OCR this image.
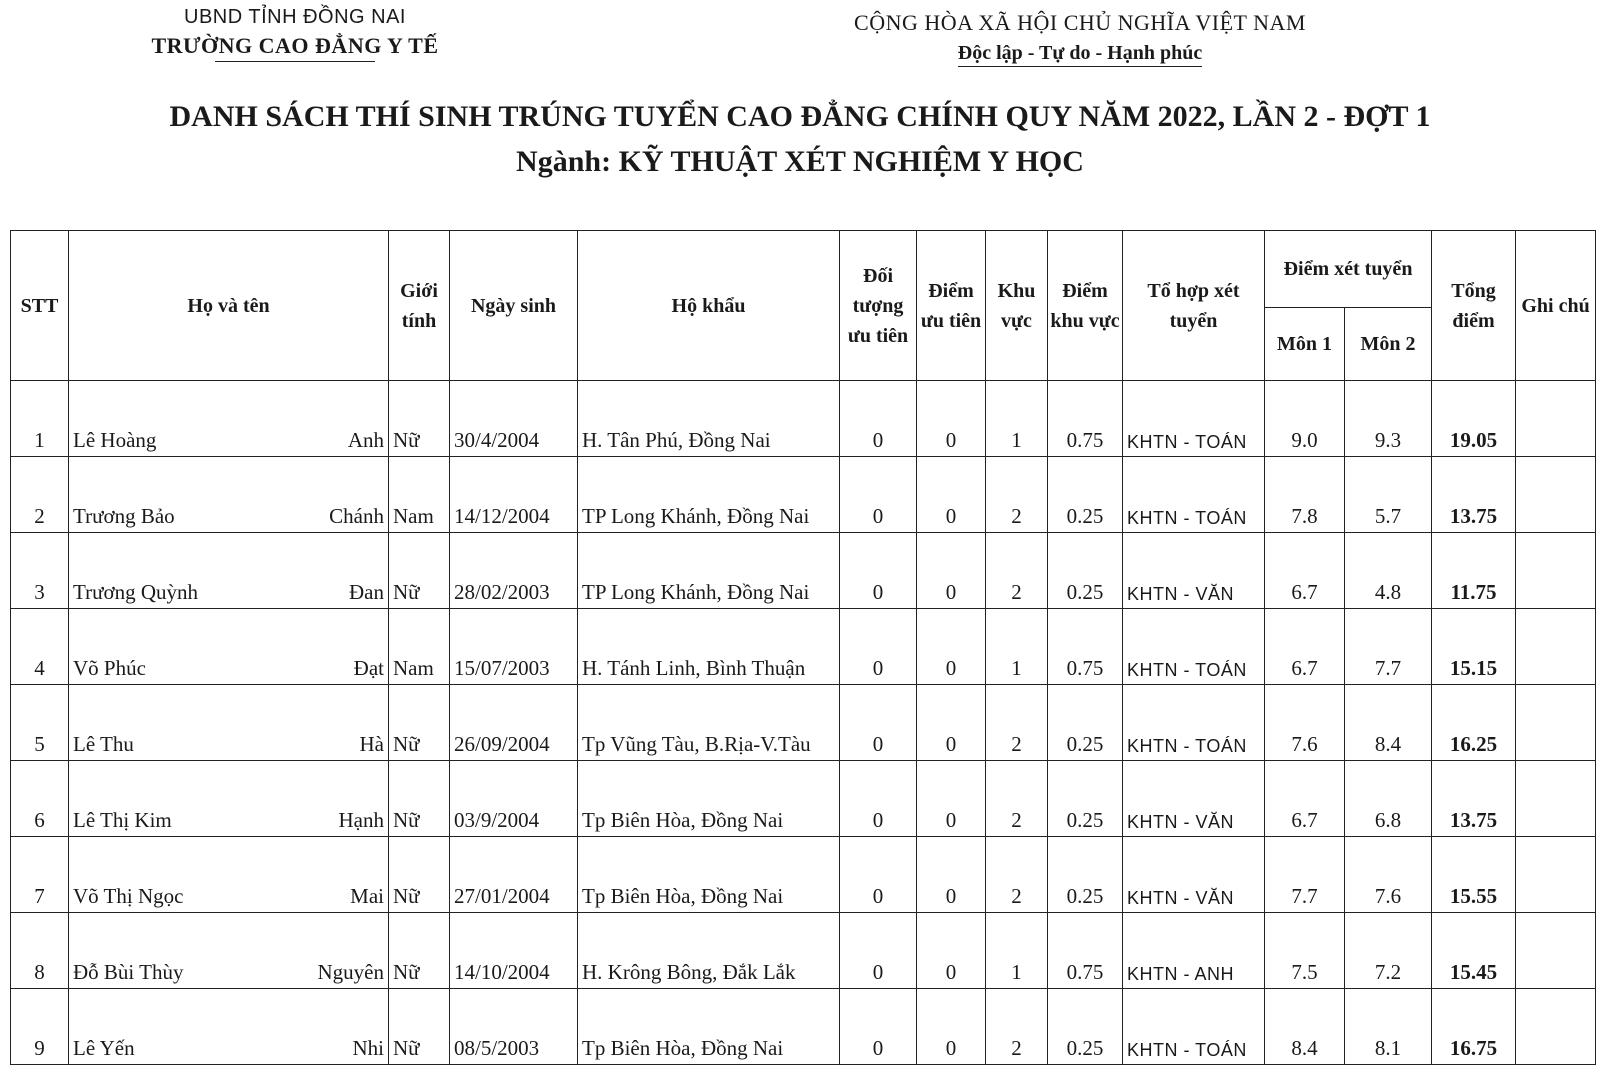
UBND TỈNH ĐỒNG NAI
TRƯỜNG CAO ĐẲNG Y TẾ
CỘNG HÒA XÃ HỘI CHỦ NGHĨA VIỆT NAM
Độc lập - Tự do - Hạnh phúc
DANH SÁCH THÍ SINH TRÚNG TUYỂN CAO ĐẲNG CHÍNH QUY NĂM 2022, LẦN 2 - ĐỢT 1
Ngành: KỸ THUẬT XÉT NGHIỆM Y HỌC
STT	Họ và tên	Giới tính	Ngày sinh	Hộ khẩu	Đối tượng ưu tiên	Điểm ưu tiên	Khu vực	Điểm khu vực	Tổ hợp xét tuyển	Điểm xét tuyển		Tổng điểm	Ghi chú
										Môn 1	Môn 2		
1	Lê Hoàng Anh	Nữ	30/4/2004	H. Tân Phú, Đồng Nai	0	0	1	0.75	KHTN - TOÁN	9.0	9.3	19.05	
2	Trương Bảo Chánh	Nam	14/12/2004	TP Long Khánh, Đồng Nai	0	0	2	0.25	KHTN - TOÁN	7.8	5.7	13.75	
3	Trương Quỳnh Đan	Nữ	28/02/2003	TP Long Khánh, Đồng Nai	0	0	2	0.25	KHTN - VĂN	6.7	4.8	11.75	
4	Võ Phúc Đạt	Nam	15/07/2003	H. Tánh Linh, Bình Thuận	0	0	1	0.75	KHTN - TOÁN	6.7	7.7	15.15	
5	Lê Thu Hà	Nữ	26/09/2004	Tp Vũng Tàu, B.Rịa-V.Tàu	0	0	2	0.25	KHTN - TOÁN	7.6	8.4	16.25	
6	Lê Thị Kim Hạnh	Nữ	03/9/2004	Tp Biên Hòa, Đồng Nai	0	0	2	0.25	KHTN - VĂN	6.7	6.8	13.75	
7	Võ Thị Ngọc Mai	Nữ	27/01/2004	Tp Biên Hòa, Đồng Nai	0	0	2	0.25	KHTN - VĂN	7.7	7.6	15.55	
8	Đỗ Bùi Thùy Nguyên	Nữ	14/10/2004	H. Krông Bông, Đắk Lắk	0	0	1	0.75	KHTN - ANH	7.5	7.2	15.45	
9	Lê Yến Nhi	Nữ	08/5/2003	Tp Biên Hòa, Đồng Nai	0	0	2	0.25	KHTN - TOÁN	8.4	8.1	16.75	
